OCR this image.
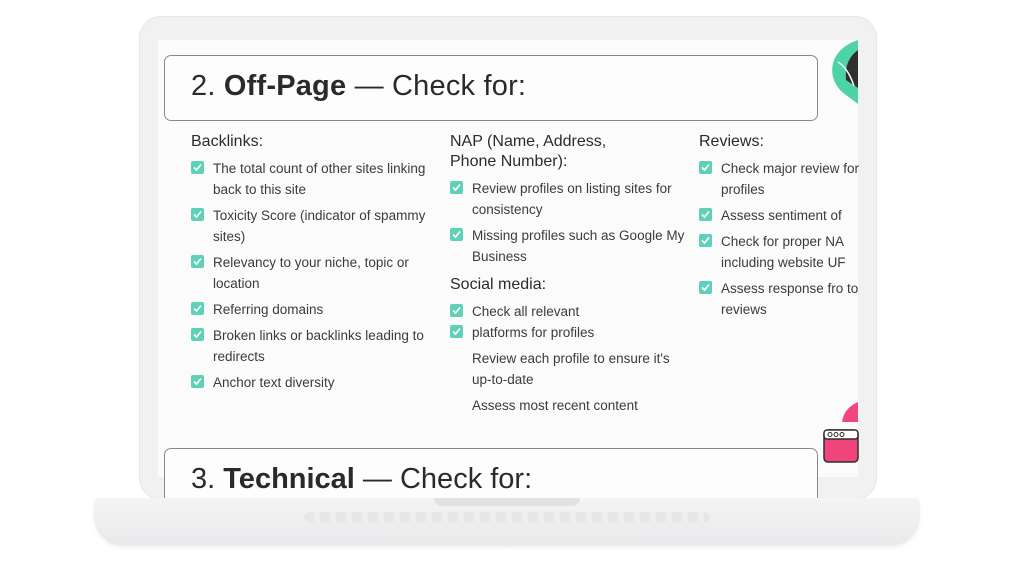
2. Off-Page — Check for:
Backlinks:
The total count of other sites linking back to this site
Toxicity Score (indicator of spammy sites)
Relevancy to your niche, topic or location
Referring domains
Broken links or backlinks leading to redirects
Anchor text diversity
NAP (Name, Address, Phone Number):
Review profiles on listing sites for consistency
Missing profiles such as Google My Business
Social media:
Check all relevant
platforms for profiles
Review each profile to ensure it's up-to-date
Assess most recent content
Reviews:
Check major review for profiles
Assess sentiment of
Check for proper NA including website UF
Assess response fro to reviews
3. Technical — Check for:
